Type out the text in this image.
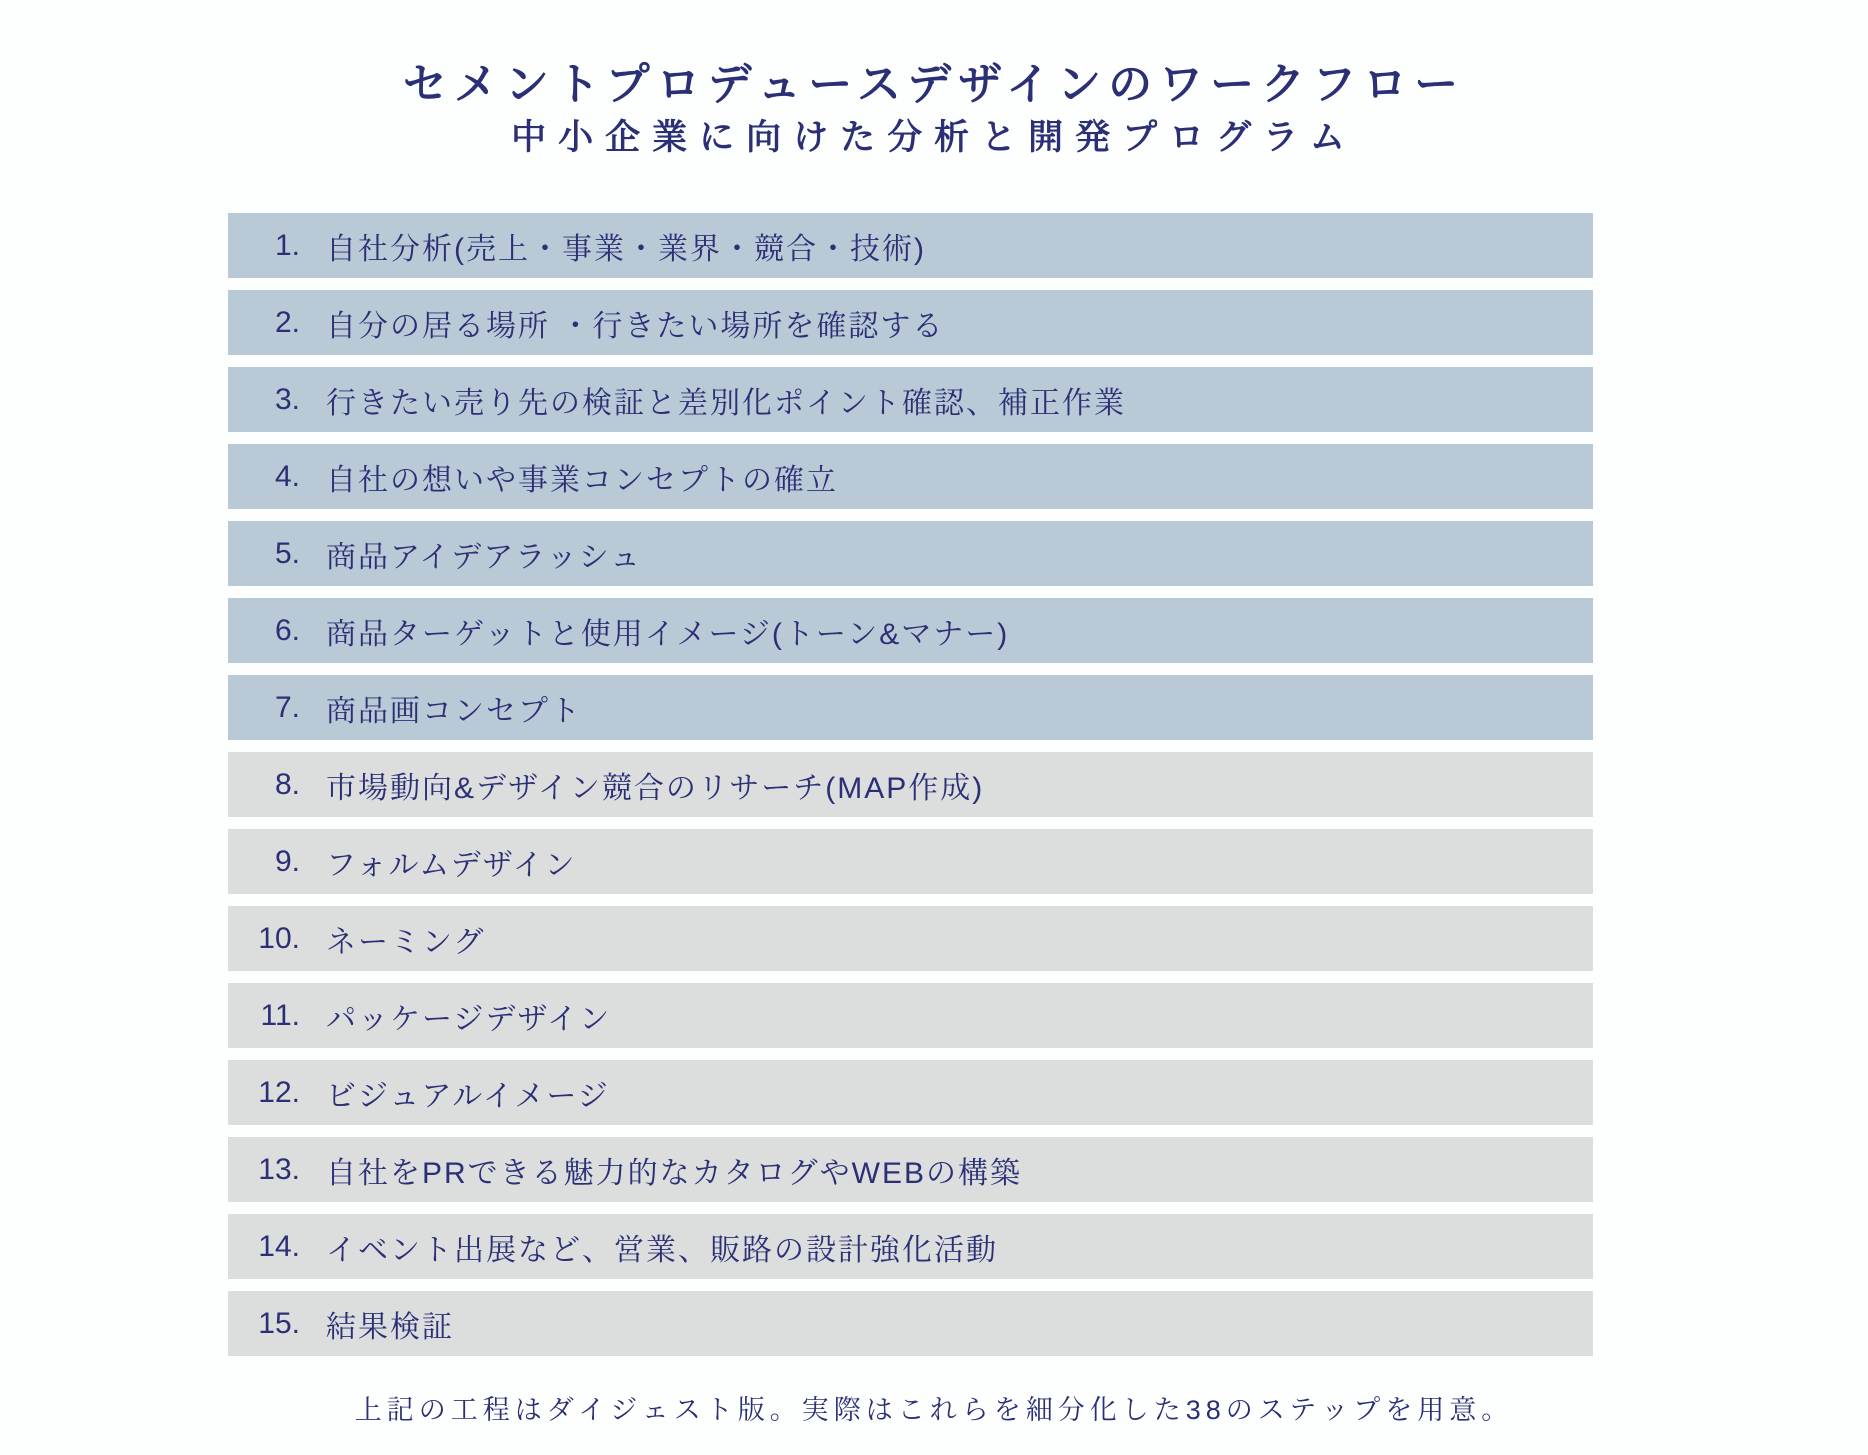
セメントプロデュースデザインのワークフロー
中小企業に向けた分析と開発プログラム
1. 自社分析(売上・事業・業界・競合・技術)
2. 自分の居る場所 ・行きたい場所を確認する
3. 行きたい売り先の検証と差別化ポイント確認、補正作業
4. 自社の想いや事業コンセプトの確立
5. 商品アイデアラッシュ
6. 商品ターゲットと使用イメージ(トーン&マナー)
7. 商品画コンセプト
8. 市場動向&デザイン競合のリサーチ(MAP作成)
9. フォルムデザイン
10. ネーミング
11. パッケージデザイン
12. ビジュアルイメージ
13. 自社をPRできる魅力的なカタログやWEBの構築
14. イベント出展など、営業、販路の設計強化活動
15. 結果検証
上記の工程はダイジェスト版。実際はこれらを細分化した38のステップを用意。
